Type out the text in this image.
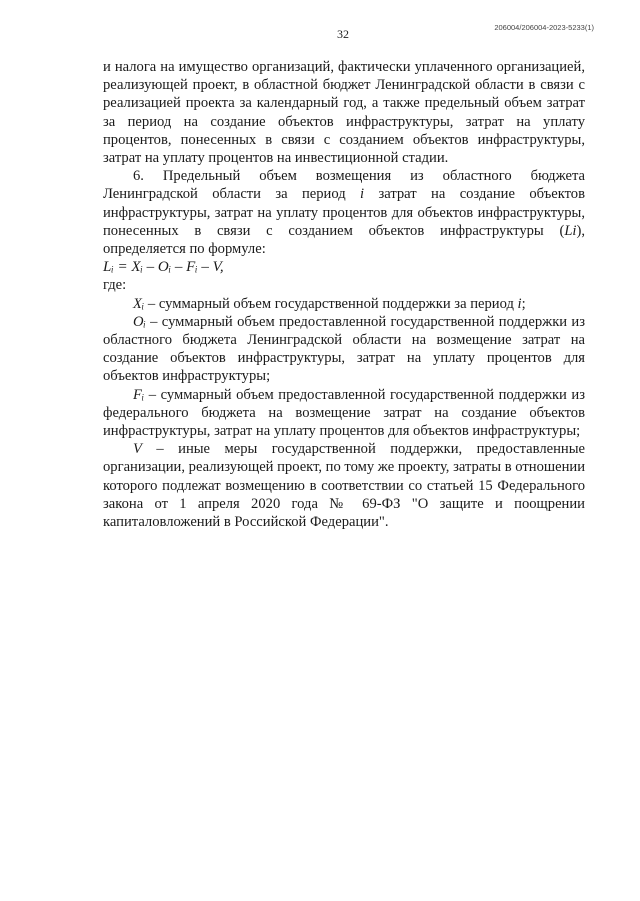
32	206004/206004-2023-5233(1)

и налога на имущество организаций, фактически уплаченного организацией, реализующей проект, в областной бюджет Ленинградской области в связи с реализацией проекта за календарный год, а также предельный объем затрат за период на создание объектов инфраструктуры, затрат на уплату процентов, понесенных в связи с созданием объектов инфраструктуры, затрат на уплату процентов на инвестиционной стадии.

6. Предельный объем возмещения из областного бюджета Ленинградской области за период i затрат на создание объектов инфраструктуры, затрат на уплату процентов для объектов инфраструктуры, понесенных в связи с созданием объектов инфраструктуры (Li), определяется по формуле:

Lᵢ = Xᵢ – Oᵢ – Fᵢ – V,

где:

Xᵢ – суммарный объем государственной поддержки за период i;

Oᵢ – суммарный объем предоставленной государственной поддержки из областного бюджета Ленинградской области на возмещение затрат на создание объектов инфраструктуры, затрат на уплату процентов для объектов инфраструктуры;

Fᵢ – суммарный объем предоставленной государственной поддержки из федерального бюджета на возмещение затрат на создание объектов инфраструктуры, затрат на уплату процентов для объектов инфраструктуры;

V – иные меры государственной поддержки, предоставленные организации, реализующей проект, по тому же проекту, затраты в отношении которого подлежат возмещению в соответствии со статьей 15 Федерального закона от 1 апреля 2020 года № 69-ФЗ "О защите и поощрении капиталовложений в Российской Федерации".
